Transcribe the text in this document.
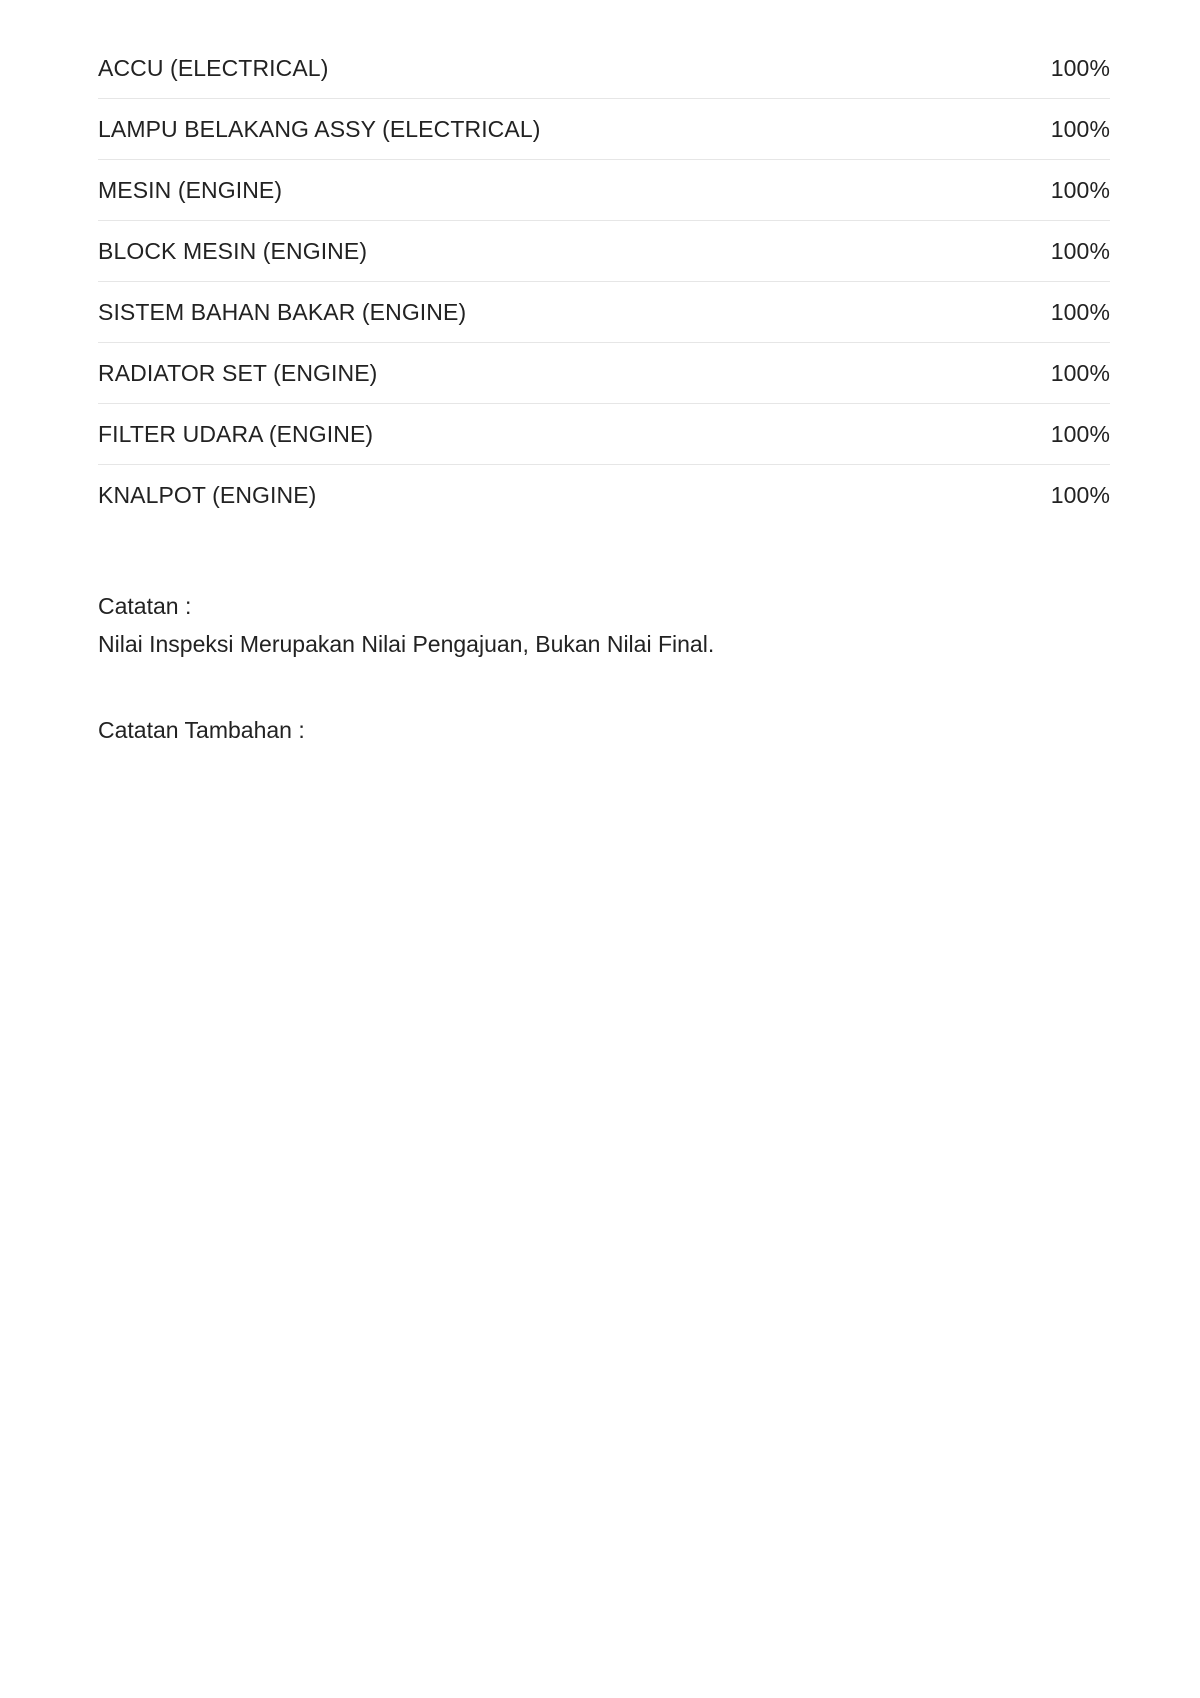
ACCU (ELECTRICAL)	100%
LAMPU BELAKANG ASSY (ELECTRICAL)	100%
MESIN (ENGINE)	100%
BLOCK MESIN (ENGINE)	100%
SISTEM BAHAN BAKAR (ENGINE)	100%
RADIATOR SET (ENGINE)	100%
FILTER UDARA (ENGINE)	100%
KNALPOT (ENGINE)	100%
Catatan :
Nilai Inspeksi Merupakan Nilai Pengajuan, Bukan Nilai Final.
Catatan Tambahan :
